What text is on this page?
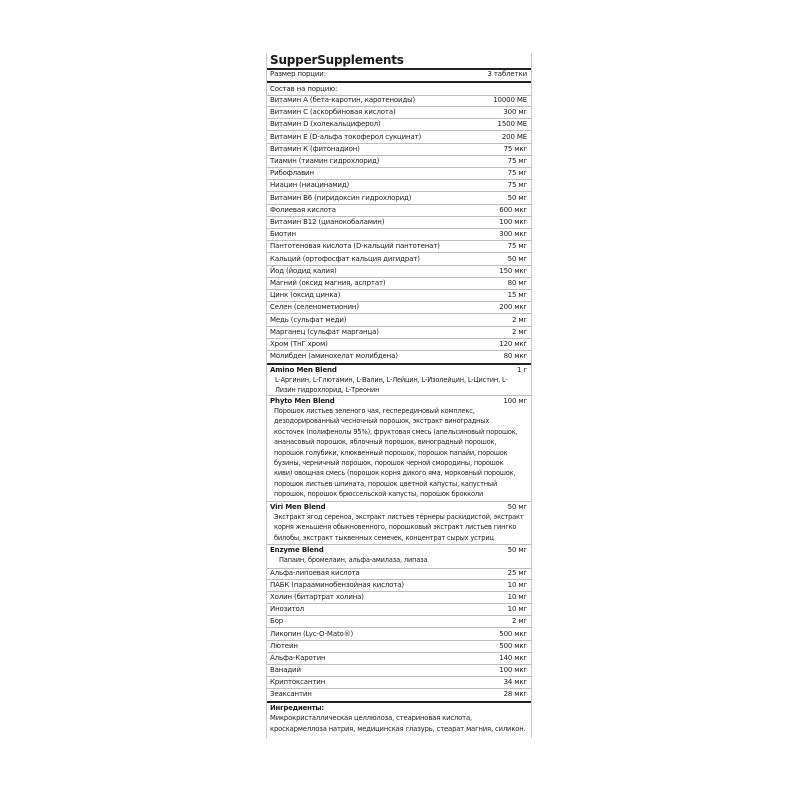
SupperSupplements
Размер порции:	3 таблетки
Состав на порцию:
Витамин А (бета-каротин, каротеноиды)	10000 МЕ
Витамин С (аскорбиновая кислота)	300 мг
Витамин D (холекальциферол)	1500 МЕ
Витамин Е (D-альфа токоферол сукцинат)	200 МЕ
Витамин К (фитонадион)	75 мкг
Тиамин (тиамин гидрохлорид)	75 мг
Рибофлавин	75 мг
Ниацин (ниацинамид)	75 мг
Витамин В6 (пиридоксин гидрохлорид)	50 мг
Фолиевая кислота	600 мкг
Витамин В12 (цианокобаламин)	100 мкг
Биотин	300 мкг
Пантотеновая кислота (D-кальций пантотенат)	75 мг
Кальций (ортофосфат кальция дигидрат)	50 мг
Йод (йодид калия)	150 мкг
Магний (оксид магния, аспртат)	80 мг
Цинк (оксид цинка)	15 мг
Селен (селенометионин)	200 мкг
Медь (сульфат меди)	2 мг
Марганец (сульфат марганца)	2 мг
Хром (ТнГ хром)	120 мкг
Молибден (аминохелат молибдена)	80 мкг
Amino Men Blend	1 г
L-Аргинин, L-Глютамин, L-Валин, L-Лейцин, L-Изолейцин, L-Цистин, L-
Лизин гидрохлорид, L-Треонин
Phyto Men Blend	100 мг
Порошок листьев зеленого чая, гесперединовый комплекс,
дезодорированный чесночный порошок, экстракт виноградных
косточек (полифенолы 95%), фруктовая смесь (апельсиновый порошок,
ананасовый порошок, яблочный порошок, виноградный порошок,
порошок голубики, клюквенный порошок, порошок папайи, порошок
бузины, черничный порошок, порошок черной смородины, порошок
киви) овощная смесь (порошок корня дикого яма, морковный порошок,
порошок листьев шпината, порошок цветной капусты, капустный
порошок, порошок брюссельской капусты, порошок брокколи
Viri Men Blend	50 мг
Экстракт ягод сереноа, экстракт листьев тёрнеры раскидистой, экстракт
корня женьшеня обыкновенного, порошковый экстракт листьев гингко
билобы, экстракт тыквенных семечек, концентрат сырых устриц
Enzyme Blend	50 мг
Папаин, бромелаин, альфа-амилаза, липаза
Альфа-липоевая кислота	25 мг
ПАБК (парааминобензойная кислота)	10 мг
Холин (битартрат холина)	10 мг
Инозитол	10 мг
Бор	2 мг
Ликопин (Lyc-O-Mato®)	500 мкг
Лютеин	500 мкг
Альфа-Каротин	140 мкг
Ванадий	100 мкг
Криптоксантин	34 мкг
Зеаксантин	28 мкг
Ингредиенты:
Микрокристаллическая целлюлоза, стеариновая кислота,
кроскармеллоза натрия, медицинская глазурь, стеарат магния, силикон.
